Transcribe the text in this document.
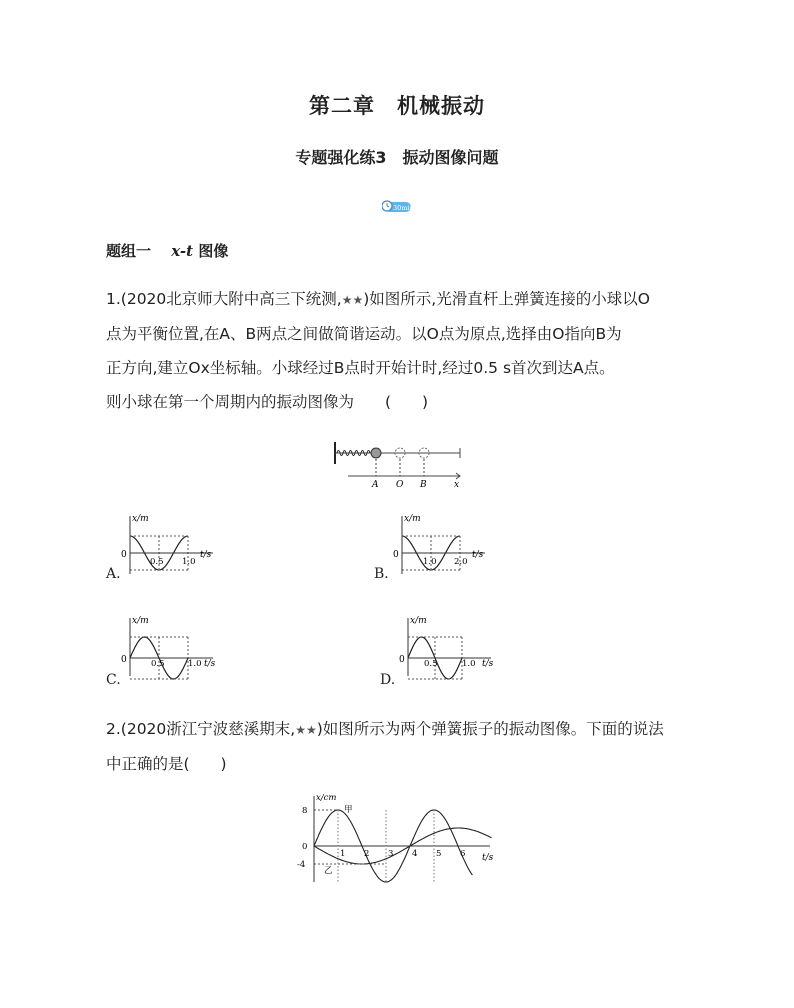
第二章　机械振动
专题强化练3　振动图像问题
30min
题组一　 x-t 图像
1.(2020北京师大附中高三下统测,★★)如图所示,光滑直杆上弹簧连接的小球以O
点为平衡位置,在A、B两点之间做简谐运动。以O点为原点,选择由O指向B为
正方向,建立Ox坐标轴。小球经过B点时开始计时,经过0.5 s首次到达A点。
则小球在第一个周期内的振动图像为　　(　　)
A O B	x
x/m
0
0.5 1.0
t/s
A.
x/m
0
1.0 2.0
t/s
B.
x/m
0	0.5	1.0 t/s
C.
x/m
0 0.5	1.0 t/s
D.
2.(2020浙江宁波慈溪期末,★★)如图所示为两个弹簧振子的振动图像。下面的说法
中正确的是(　　)
x/cm
8
0
-4
t/s
甲
乙
1 2 3 4 5 6
